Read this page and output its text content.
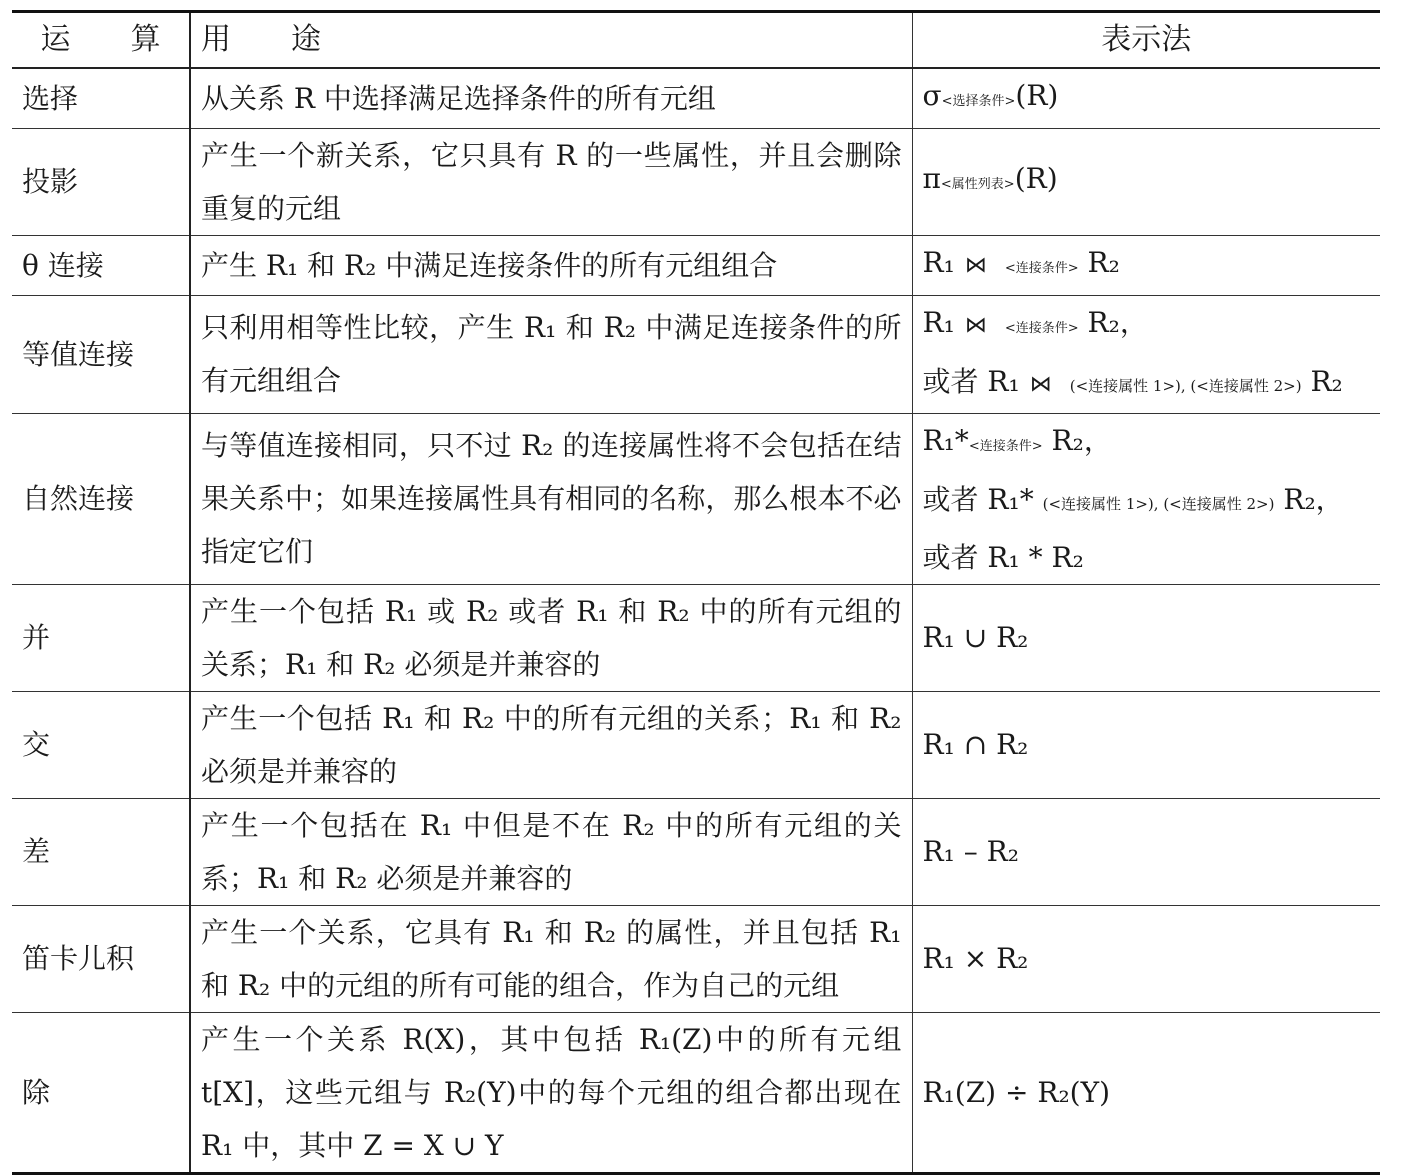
运　　算	用　　途	表示法
选择	从关系 R 中选择满足选择条件的所有元组	σ<选择条件>(R)
投影	产生一个新关系，它只具有 R 的一些属性，并且会删除重复的元组	π<属性列表>(R)
θ 连接	产生 R₁ 和 R₂ 中满足连接条件的所有元组组合	R₁ ⋈ <连接条件> R₂
等值连接	只利用相等性比较，产生 R₁ 和 R₂ 中满足连接条件的所有元组组合	R₁ ⋈ <连接条件> R₂，
或者 R₁ ⋈ (<连接属性 1>), (<连接属性 2>) R₂

自然连接	与等值连接相同，只不过 R₂ 的连接属性将不会包括在结果关系中；如果连接属性具有相同的名称，那么根本不必指定它们	R₁*<连接条件> R₂，
或者 R₁* (<连接属性 1>), (<连接属性 2>) R₂，
或者 R₁ * R₂

并	产生一个包括 R₁ 或 R₂ 或者 R₁ 和 R₂ 中的所有元组的关系；R₁ 和 R₂ 必须是并兼容的	R₁ ∪ R₂
交	产生一个包括 R₁ 和 R₂ 中的所有元组的关系；R₁ 和 R₂ 必须是并兼容的	R₁ ∩ R₂
差	产生一个包括在 R₁ 中但是不在 R₂ 中的所有元组的关系；R₁ 和 R₂ 必须是并兼容的	R₁ – R₂
笛卡儿积	产生一个关系，它具有 R₁ 和 R₂ 的属性，并且包括 R₁ 和 R₂ 中的元组的所有可能的组合，作为自己的元组	R₁ × R₂
除	产生一个关系 R(X)，其中包括 R₁(Z)中的所有元组 t[X]，这些元组与 R₂(Y)中的每个元组的组合都出现在 R₁ 中，其中 Z = X ∪ Y	R₁(Z) ÷ R₂(Y)
